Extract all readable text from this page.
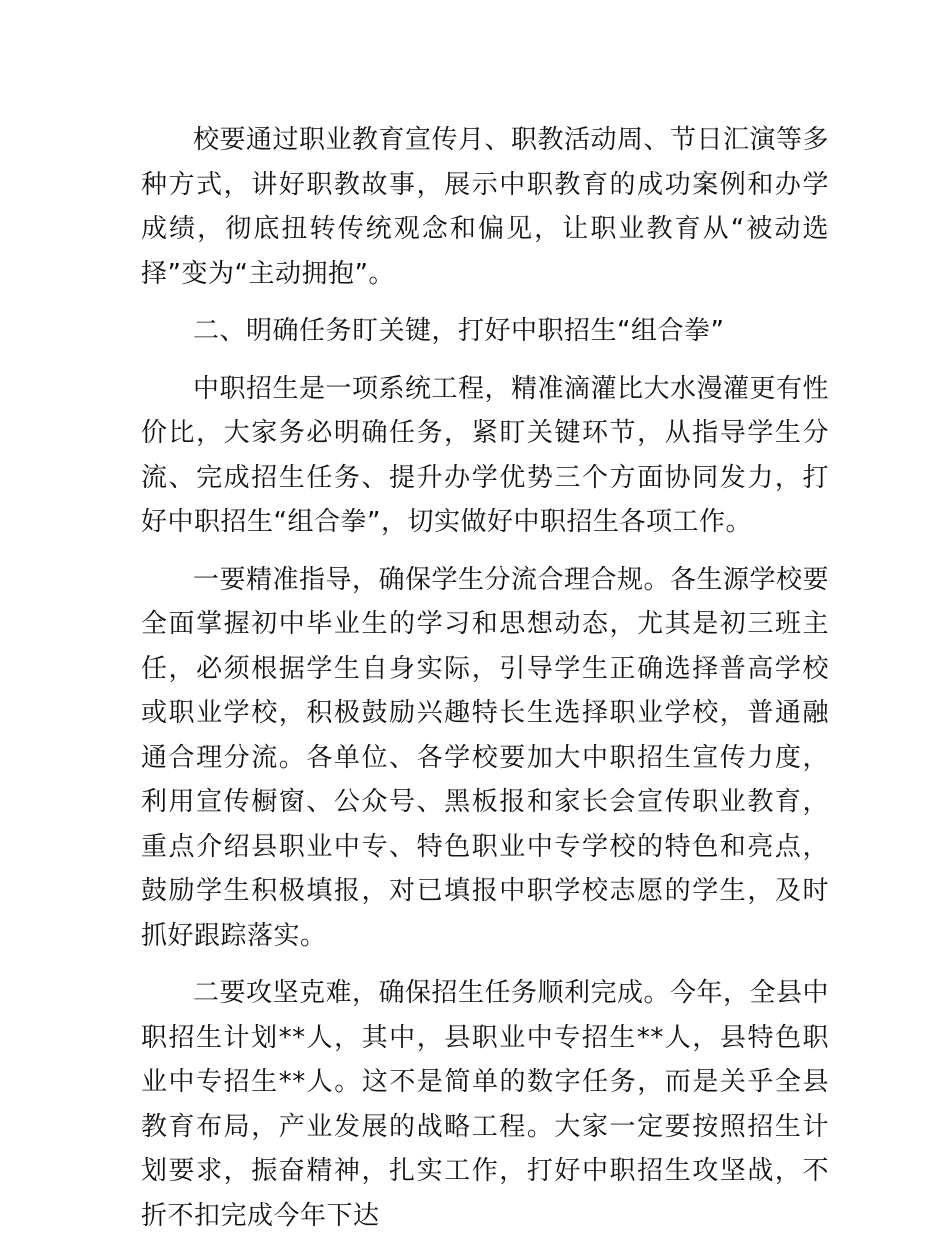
校要通过职业教育宣传月、职教活动周、节日汇演等多种方式，讲好职教故事，展示中职教育的成功案例和办学成绩，彻底扭转传统观念和偏见，让职业教育从“被动选择”变为“主动拥抱”。

二、明确任务盯关键，打好中职招生“组合拳”

中职招生是一项系统工程，精准滴灌比大水漫灌更有性价比，大家务必明确任务，紧盯关键环节，从指导学生分流、完成招生任务、提升办学优势三个方面协同发力，打好中职招生“组合拳”，切实做好中职招生各项工作。

一要精准指导，确保学生分流合理合规。各生源学校要全面掌握初中毕业生的学习和思想动态，尤其是初三班主任，必须根据学生自身实际，引导学生正确选择普高学校或职业学校，积极鼓励兴趣特长生选择职业学校，普通融通合理分流。各单位、各学校要加大中职招生宣传力度，利用宣传橱窗、公众号、黑板报和家长会宣传职业教育，重点介绍县职业中专、特色职业中专学校的特色和亮点，鼓励学生积极填报，对已填报中职学校志愿的学生，及时抓好跟踪落实。

二要攻坚克难，确保招生任务顺利完成。今年，全县中职招生计划**人，其中，县职业中专招生**人，县特色职业中专招生**人。这不是简单的数字任务，而是关乎全县教育布局，产业发展的战略工程。大家一定要按照招生计划要求，振奋精神，扎实工作，打好中职招生攻坚战，不折不扣完成今年下达
